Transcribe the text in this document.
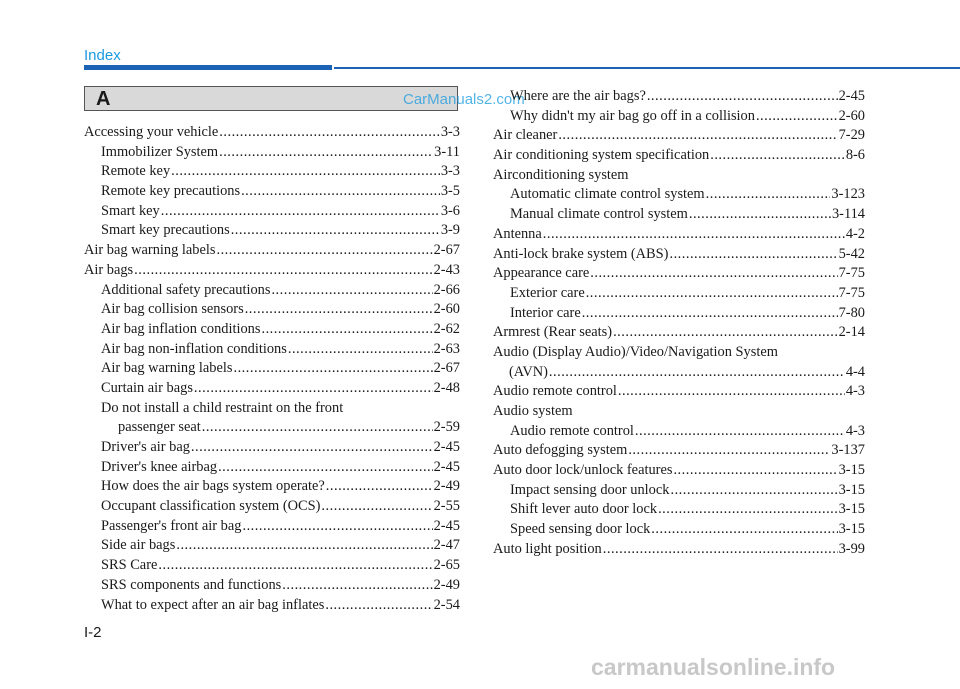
Index
A	CarManuals2.com
Accessing your vehicle .....	3-3
Immobilizer System .....	3-11
Remote key .....	3-3
Remote key precautions .....	3-5
Smart key .....	3-6
Smart key precautions .....	3-9
Air bag warning labels .....	2-67
Air bags .....	2-43
Additional safety precautions .....	2-66
Air bag collision sensors .....	2-60
Air bag inflation conditions .....	2-62
Air bag non-inflation conditions .....	2-63
Air bag warning labels .....	2-67
Curtain air bags .....	2-48
Do not install a child restraint on the front
passenger seat .....	2-59
Driver's air bag .....	2-45
Driver's knee airbag .....	2-45
How does the air bags system operate? .....	2-49
Occupant classification system (OCS) .....	2-55
Passenger's front air bag .....	2-45
Side air bags .....	2-47
SRS Care .....	2-65
SRS components and functions .....	2-49
What to expect after an air bag inflates .....	2-54
Where are the air bags? .....	2-45
Why didn't my air bag go off in a collision .....	2-60
Air cleaner .....	7-29
Air conditioning system specification .....	8-6
Airconditioning system
Automatic climate control system .....	3-123
Manual climate control system .....	3-114
Antenna .....	4-2
Anti-lock brake system (ABS) .....	5-42
Appearance care .....	7-75
Exterior care .....	7-75
Interior care .....	7-80
Armrest (Rear seats) .....	2-14
Audio (Display Audio)/Video/Navigation System
(AVN) .....	4-4
Audio remote control .....	4-3
Audio system
Audio remote control .....	4-3
Auto defogging system .....	3-137
Auto door lock/unlock features .....	3-15
Impact sensing door unlock .....	3-15
Shift lever auto door lock .....	3-15
Speed sensing door lock .....	3-15
Auto light position .....	3-99
I-2
carmanualsonline.info
